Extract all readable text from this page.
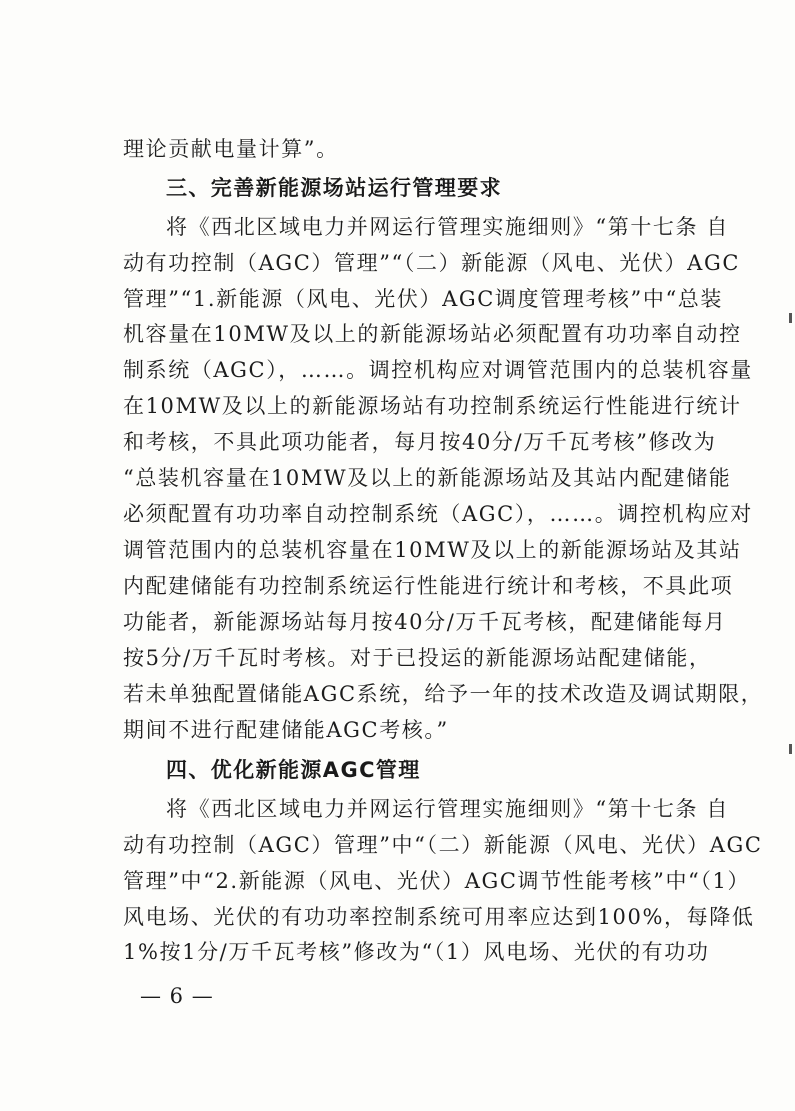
理论贡献电量计算”。
三、完善新能源场站运行管理要求
将《西北区域电力并网运行管理实施细则》“第十七条 自
动有功控制（AGC）管理”“（二）新能源（风电、光伏）AGC
管理”“1.新能源（风电、光伏）AGC调度管理考核”中“总装
机容量在10MW及以上的新能源场站必须配置有功功率自动控
制系统（AGC），……。调控机构应对调管范围内的总装机容量
在10MW及以上的新能源场站有功控制系统运行性能进行统计
和考核，不具此项功能者，每月按40分/万千瓦考核”修改为
“总装机容量在10MW及以上的新能源场站及其站内配建储能
必须配置有功功率自动控制系统（AGC），……。调控机构应对
调管范围内的总装机容量在10MW及以上的新能源场站及其站
内配建储能有功控制系统运行性能进行统计和考核，不具此项
功能者，新能源场站每月按40分/万千瓦考核，配建储能每月
按5分/万千瓦时考核。对于已投运的新能源场站配建储能，
若未单独配置储能AGC系统，给予一年的技术改造及调试期限，
期间不进行配建储能AGC考核。”
四、优化新能源AGC管理
将《西北区域电力并网运行管理实施细则》“第十七条 自
动有功控制（AGC）管理”中“（二）新能源（风电、光伏）AGC
管理”中“2.新能源（风电、光伏）AGC调节性能考核”中“（1）
风电场、光伏的有功功率控制系统可用率应达到100%，每降低
1%按1分/万千瓦考核”修改为“（1）风电场、光伏的有功功
— 6 —
